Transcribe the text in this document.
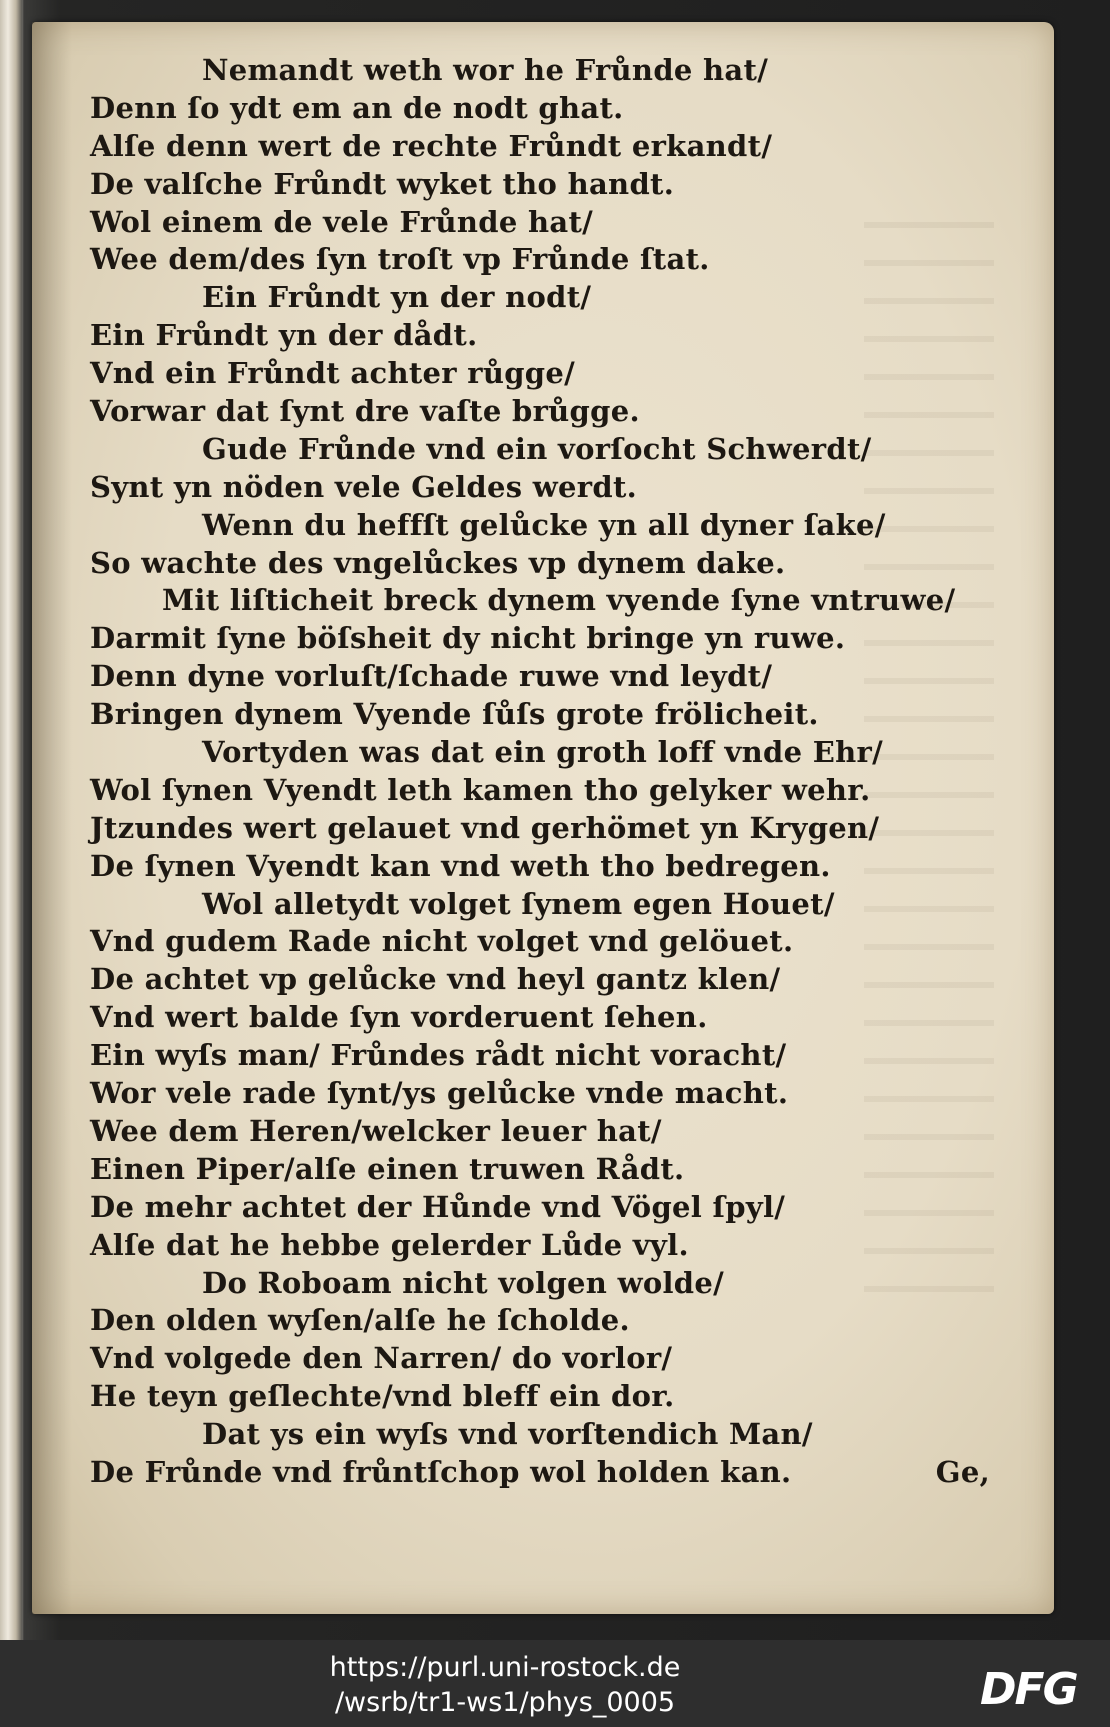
Nemandt weth wor he Frůnde hat/
Denn ſo ydt em an de nodt ghat.
Alſe denn wert de rechte Frůndt erkandt/
De valſche Frůndt wyket tho handt.
Wol einem de vele Frůnde hat/
Wee dem/des ſyn troſt vp Frůnde ſtat.
Ein Frůndt yn der nodt/
Ein Frůndt yn der dådt.
Vnd ein Frůndt achter růgge/
Vorwar dat ſynt dre vaſte brůgge.
Gude Frůnde vnd ein vorſocht Schwerdt/
Synt yn nöden vele Geldes werdt.
Wenn du heffſt gelůcke yn all dyner ſake/
So wachte des vngelůckes vp dynem dake.
Mit liſticheit breck dynem vyende ſyne vntruwe/
Darmit ſyne böſsheit dy nicht bringe yn ruwe.
Denn dyne vorluſt/ſchade ruwe vnd leydt/
Bringen dynem Vyende ſůſs grote frölicheit.
Vortyden was dat ein groth loff vnde Ehr/
Wol ſynen Vyendt leth kamen tho gelyker wehr.
Jtzundes wert gelauet vnd gerhömet yn Krygen/
De ſynen Vyendt kan vnd weth tho bedregen.
Wol alletydt volget ſynem egen Houet/
Vnd gudem Rade nicht volget vnd gelöuet.
De achtet vp gelůcke vnd heyl gantz klen/
Vnd wert balde ſyn vorderuent ſehen.
Ein wyſs man/ Frůndes rådt nicht voracht/
Wor vele rade ſynt/ys gelůcke vnde macht.
Wee dem Heren/welcker leuer hat/
Einen Piper/alſe einen truwen Rådt.
De mehr achtet der Hůnde vnd Vögel ſpyl/
Alſe dat he hebbe gelerder Lůde vyl.
Do Roboam nicht volgen wolde/
Den olden wyſen/alſe he ſcholde.
Vnd volgede den Narren/ do vorlor/
He teyn geſlechte/vnd bleff ein dor.
Dat ys ein wyſs vnd vorſtendich Man/
De Frůnde vnd frůntſchop wol holden kan.	Ge,
https://purl.uni-rostock.de
/wsrb/tr1-ws1/phys_0005	DFG
